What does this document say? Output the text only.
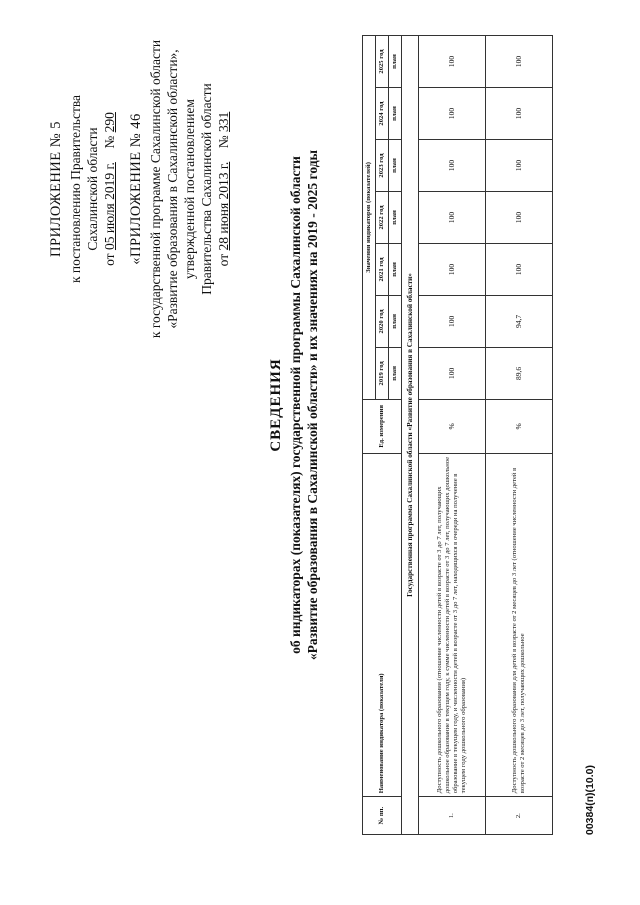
ПРИЛОЖЕНИЕ № 5 к постановлению Правительства Сахалинской области
от 05 июля 2019 г.    № 290 «ПРИЛОЖЕНИЕ № 46 к государственной программе Сахалинской области «Развитие образования в Сахалинской области», утвержденной постановлением Правительства Сахалинской области от 28 июня 2013 г.    № 331
СВЕДЕНИЯ об индикаторах (показателях) государственной программы Сахалинской области «Развитие образования в Сахалинской области» и их значениях на 2019 - 2025 годы
№ пп.	Наименование индикатора (показателя)	Ед. измерения	Значения индикаторов (показателей)						
			2019 год	2020 год	2021 год	2022 год	2023 год	2024 год	2025 год
			план	план	план	план	план	план	план
Государственная программа Сахалинской области «Развитие образования в Сахалинской области»									
1.	Доступность дошкольного образования (отношение численности детей в возрасте от 3 до 7 лет, получающих дошкольное образование в текущем году, к сумме численности детей в возрасте от 3 до 7 лет, получающих дошкольное образование в текущем году, и численности детей в возрасте от 3 до 7 лет, находящихся в очереди на получение в текущем году дошкольного образования)	%	100	100	100	100	100	100	100
2.	Доступность дошкольного образования для детей в возрасте от 2 месяцев до 3 лет (отношение численности детей в возрасте от 2 месяцев до 3 лет, получающих дошкольное	%	89,6	94,7	100	100	100	100	100
00384(п)(10.0)
